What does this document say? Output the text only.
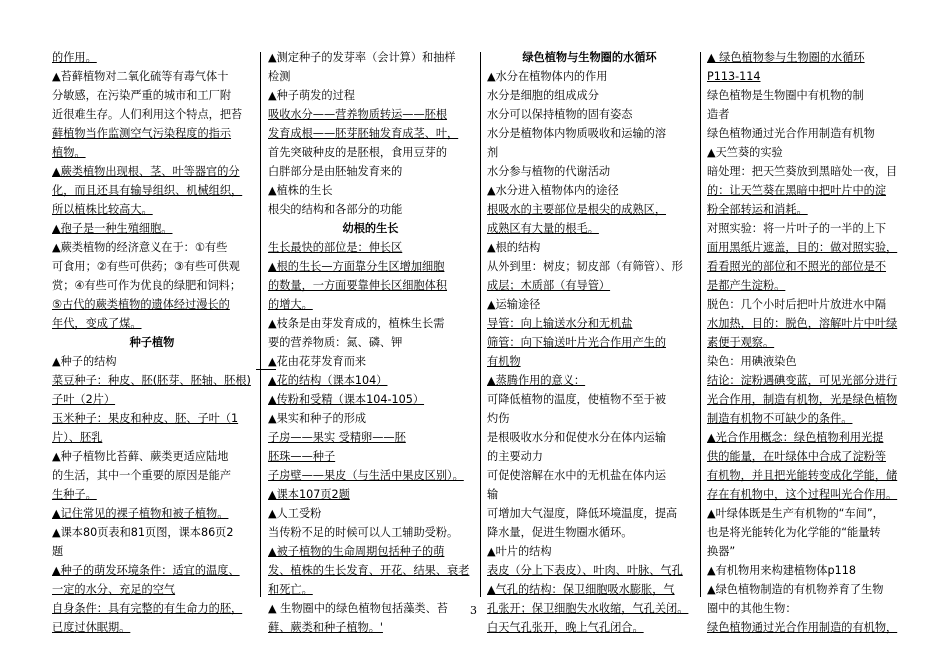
的作用。
▲苔藓植物对二氧化硫等有毒气体十
分敏感，在污染严重的城市和工厂附
近很难生存。人们利用这个特点，把苔
藓植物当作监测空气污染程度的指示
植物。
▲蕨类植物出现根、茎、叶等器官的分
化，而且还具有输导组织、机械组织，
所以植株比较高大。
▲孢子是一种生殖细胞。
▲蕨类植物的经济意义在于：①有些
可食用；②有些可供药；③有些可供观
赏；④有些可作为优良的绿肥和饲料；
⑤古代的蕨类植物的遗体经过漫长的
年代，变成了煤。
种子植物
▲种子的结构
菜豆种子：种皮、胚(胚芽、胚轴、胚根)
子叶（2片）
玉米种子：果皮和种皮、胚、子叶（1
片）、胚乳
▲种子植物比苔藓、蕨类更适应陆地
的生活，其中一个重要的原因是能产
生种子。
▲记住常见的裸子植物和被子植物。
▲课本80页表和81页图，课本86页2
题
▲种子的萌发环境条件：适宜的温度、
一定的水分、充足的空气
自身条件：具有完整的有生命力的胚，
已度过休眠期。
▲测定种子的发芽率（会计算）和抽样
检测
▲种子萌发的过程
吸收水分——营养物质转运——胚根
发育成根——胚芽胚轴发育成茎、叶，
首先突破种皮的是胚根，食用豆芽的
白胖部分是由胚轴发育来的
▲植株的生长
根尖的结构和各部分的功能
幼根的生长
生长最快的部位是：伸长区
▲根的生长—方面靠分生区增加细胞
的数量，一方面要靠伸长区细胞体积
的增大。
▲枝条是由芽发育成的，植株生长需
要的营养物质：氮、磷、钾
▲花由花芽发育而来
▲花的结构（课本104）
▲传粉和受精（课本104-105）
▲果实和种子的形成
子房——果实 受精卵——胚
胚珠——种子
子房壁——果皮（与生活中果皮区别）。
▲课本107页2题
▲人工受粉
当传粉不足的时候可以人工辅助受粉。
▲被子植物的生命周期包括种子的萌
发、植株的生长发育、开花、结果、衰老
和死亡。
▲ 生物圈中的绿色植物包括藻类、苔
藓、蕨类和种子植物。'
绿色植物与生物圈的水循环
▲水分在植物体内的作用
水分是细胞的组成成分
水分可以保持植物的固有姿态
水分是植物体内物质吸收和运输的溶
剂
水分参与植物的代谢活动
▲水分进入植物体内的途径
根吸水的主要部位是根尖的成熟区，
成熟区有大量的根毛。
▲根的结构
从外到里：树皮；韧皮部（有筛管）、形
成层；木质部（有导管）
▲运输途径
导管：向上输送水分和无机盐
筛管：向下输送叶片光合作用产生的
有机物
▲蒸腾作用的意义：
可降低植物的温度，使植物不至于被
灼伤
是根吸收水分和促使水分在体内运输
的主要动力
可促使溶解在水中的无机盐在体内运
输
可增加大气湿度，降低环境温度，提高
降水量，促进生物圈水循环。
▲叶片的结构
表皮（分上下表皮）、叶肉、叶脉、气孔
▲气孔的结构：保卫细胞吸水膨胀，气
孔张开；保卫细胞失水收缩，气孔关闭。
白天气孔张开，晚上气孔闭合。
▲ 绿色植物参与生物圈的水循环
P113-114
绿色植物是生物圈中有机物的制
造者
绿色植物通过光合作用制造有机物
▲天竺葵的实验
暗处理：把天竺葵放到黑暗处一夜，目
的：让天竺葵在黑暗中把叶片中的淀
粉全部转运和消耗。
对照实验：将一片叶子的一半的上下
面用黑纸片遮盖，目的：做对照实验，
看看照光的部位和不照光的部位是不
是都产生淀粉。
脱色：几个小时后把叶片放进水中隔
水加热，目的：脱色，溶解叶片中叶绿
素便于观察。
染色：用碘液染色
结论：淀粉遇碘变蓝，可见光部分进行
光合作用，制造有机物，光是绿色植物
制造有机物不可缺少的条件。
▲光合作用概念：绿色植物利用光提
供的能量，在叶绿体中合成了淀粉等
有机物，并且把光能转变成化学能，储
存在有机物中，这个过程叫光合作用。
▲叶绿体既是生产有机物的“车间”，
也是将光能转化为化学能的“能量转
换器”
▲有机物用来构建植物体p118
▲绿色植物制造的有机物养育了生物
圈中的其他生物：
绿色植物通过光合作用制造的有机物，
3
